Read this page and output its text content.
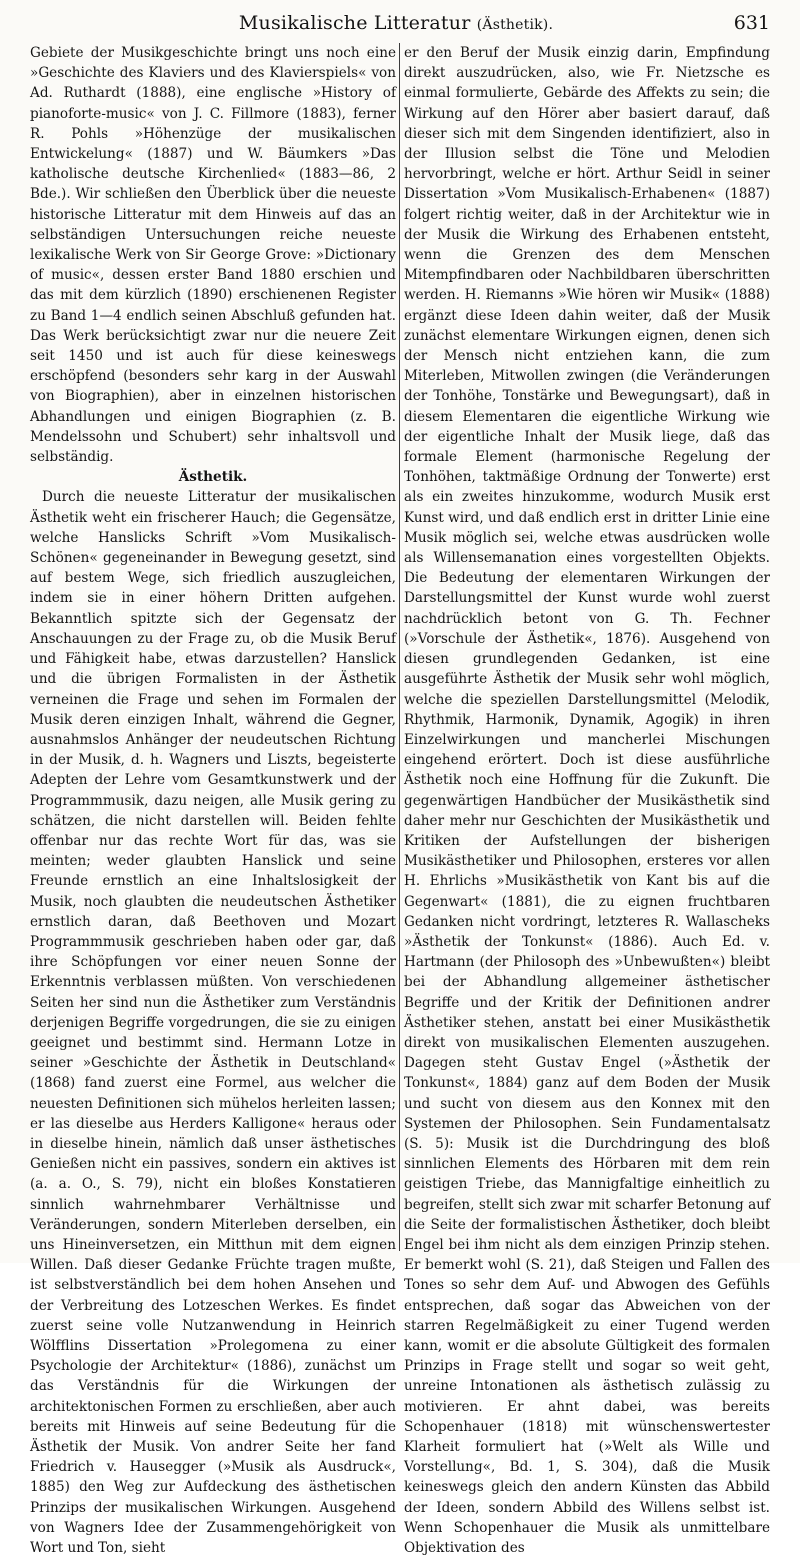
Musikalische Litteratur (Ästhetik).	631

Gebiete der Musikgeschichte bringt uns noch eine »Geschichte des Klaviers und des Klavierspiels« von Ad. Ruthardt (1888), eine englische »History of pianoforte-music« von J. C. Fillmore (1883), ferner R. Pohls »Höhenzüge der musikalischen Entwickelung« (1887) und W. Bäumkers »Das katholische deutsche Kirchenlied« (1883—86, 2 Bde.). Wir schließen den Überblick über die neueste historische Litteratur mit dem Hinweis auf das an selbständigen Untersuchungen reiche neueste lexikalische Werk von Sir George Grove: »Dictionary of music«, dessen erster Band 1880 erschien und das mit dem kürzlich (1890) erschienenen Register zu Band 1—4 endlich seinen Abschluß gefunden hat. Das Werk berücksichtigt zwar nur die neuere Zeit seit 1450 und ist auch für diese keineswegs erschöpfend (besonders sehr karg in der Auswahl von Biographien), aber in einzelnen historischen Abhandlungen und einigen Biographien (z. B. Mendelssohn und Schubert) sehr inhaltsvoll und selbständig.

Ästhetik.

Durch die neueste Litteratur der musikalischen Ästhetik weht ein frischerer Hauch; die Gegensätze, welche Hanslicks Schrift »Vom Musikalisch-Schönen« gegeneinander in Bewegung gesetzt, sind auf bestem Wege, sich friedlich auszugleichen, indem sie in einer höhern Dritten aufgehen. Bekanntlich spitzte sich der Gegensatz der Anschauungen zu der Frage zu, ob die Musik Beruf und Fähigkeit habe, etwas darzustellen? Hanslick und die übrigen Formalisten in der Ästhetik verneinen die Frage und sehen im Formalen der Musik deren einzigen Inhalt, während die Gegner, ausnahmslos Anhänger der neudeutschen Richtung in der Musik, d. h. Wagners und Liszts, begeisterte Adepten der Lehre vom Gesamtkunstwerk und der Programmmusik, dazu neigen, alle Musik gering zu schätzen, die nicht darstellen will. Beiden fehlte offenbar nur das rechte Wort für das, was sie meinten; weder glaubten Hanslick und seine Freunde ernstlich an eine Inhaltslosigkeit der Musik, noch glaubten die neudeutschen Ästhetiker ernstlich daran, daß Beethoven und Mozart Programmmusik geschrieben haben oder gar, daß ihre Schöpfungen vor einer neuen Sonne der Erkenntnis verblassen müßten. Von verschiedenen Seiten her sind nun die Ästhetiker zum Verständnis derjenigen Begriffe vorgedrungen, die sie zu einigen geeignet und bestimmt sind. Hermann Lotze in seiner »Geschichte der Ästhetik in Deutschland« (1868) fand zuerst eine Formel, aus welcher die neuesten Definitionen sich mühelos herleiten lassen; er las dieselbe aus Herders Kalligone« heraus oder in dieselbe hinein, nämlich daß unser ästhetisches Genießen nicht ein passives, sondern ein aktives ist (a. a. O., S. 79), nicht ein bloßes Konstatieren sinnlich wahrnehmbarer Verhältnisse und Veränderungen, sondern Miterleben derselben, ein uns Hineinversetzen, ein Mitthun mit dem eignen Willen. Daß dieser Gedanke Früchte tragen mußte, ist selbstverständlich bei dem hohen Ansehen und der Verbreitung des Lotzeschen Werkes. Es findet zuerst seine volle Nutzanwendung in Heinrich Wölfflins Dissertation »Prolegomena zu einer Psychologie der Architektur« (1886), zunächst um das Verständnis für die Wirkungen der architektonischen Formen zu erschließen, aber auch bereits mit Hinweis auf seine Bedeutung für die Ästhetik der Musik. Von andrer Seite her fand Friedrich v. Hausegger (»Musik als Ausdruck«, 1885) den Weg zur Aufdeckung des ästhetischen Prinzips der musikalischen Wirkungen. Ausgehend von Wagners Idee der Zusammengehörigkeit von Wort und Ton, sieht

er den Beruf der Musik einzig darin, Empfindung direkt auszudrücken, also, wie Fr. Nietzsche es einmal formulierte, Gebärde des Affekts zu sein; die Wirkung auf den Hörer aber basiert darauf, daß dieser sich mit dem Singenden identifiziert, also in der Illusion selbst die Töne und Melodien hervorbringt, welche er hört. Arthur Seidl in seiner Dissertation »Vom Musikalisch-Erhabenen« (1887) folgert richtig weiter, daß in der Architektur wie in der Musik die Wirkung des Erhabenen entsteht, wenn die Grenzen des dem Menschen Mitempfindbaren oder Nachbildbaren überschritten werden. H. Riemanns »Wie hören wir Musik« (1888) ergänzt diese Ideen dahin weiter, daß der Musik zunächst elementare Wirkungen eignen, denen sich der Mensch nicht entziehen kann, die zum Miterleben, Mitwollen zwingen (die Veränderungen der Tonhöhe, Tonstärke und Bewegungsart), daß in diesem Elementaren die eigentliche Wirkung wie der eigentliche Inhalt der Musik liege, daß das formale Element (harmonische Regelung der Tonhöhen, taktmäßige Ordnung der Tonwerte) erst als ein zweites hinzukomme, wodurch Musik erst Kunst wird, und daß endlich erst in dritter Linie eine Musik möglich sei, welche etwas ausdrücken wolle als Willensemanation eines vorgestellten Objekts. Die Bedeutung der elementaren Wirkungen der Darstellungsmittel der Kunst wurde wohl zuerst nachdrücklich betont von G. Th. Fechner (»Vorschule der Ästhetik«, 1876). Ausgehend von diesen grundlegenden Gedanken, ist eine ausgeführte Ästhetik der Musik sehr wohl möglich, welche die speziellen Darstellungsmittel (Melodik, Rhythmik, Harmonik, Dynamik, Agogik) in ihren Einzelwirkungen und mancherlei Mischungen eingehend erörtert. Doch ist diese ausführliche Ästhetik noch eine Hoffnung für die Zukunft. Die gegenwärtigen Handbücher der Musikästhetik sind daher mehr nur Geschichten der Musikästhetik und Kritiken der Aufstellungen der bisherigen Musikästhetiker und Philosophen, ersteres vor allen H. Ehrlichs »Musikästhetik von Kant bis auf die Gegenwart« (1881), die zu eignen fruchtbaren Gedanken nicht vordringt, letzteres R. Wallascheks »Ästhetik der Tonkunst« (1886). Auch Ed. v. Hartmann (der Philosoph des »Unbewußten«) bleibt bei der Abhandlung allgemeiner ästhetischer Begriffe und der Kritik der Definitionen andrer Ästhetiker stehen, anstatt bei einer Musikästhetik direkt von musikalischen Elementen auszugehen. Dagegen steht Gustav Engel (»Ästhetik der Tonkunst«, 1884) ganz auf dem Boden der Musik und sucht von diesem aus den Konnex mit den Systemen der Philosophen. Sein Fundamentalsatz (S. 5): Musik ist die Durchdringung des bloß sinnlichen Elements des Hörbaren mit dem rein geistigen Triebe, das Mannigfaltige einheitlich zu begreifen, stellt sich zwar mit scharfer Betonung auf die Seite der formalistischen Ästhetiker, doch bleibt Engel bei ihm nicht als dem einzigen Prinzip stehen. Er bemerkt wohl (S. 21), daß Steigen und Fallen des Tones so sehr dem Auf- und Abwogen des Gefühls entsprechen, daß sogar das Abweichen von der starren Regelmäßigkeit zu einer Tugend werden kann, womit er die absolute Gültigkeit des formalen Prinzips in Frage stellt und sogar so weit geht, unreine Intonationen als ästhetisch zulässig zu motivieren. Er ahnt dabei, was bereits Schopenhauer (1818) mit wünschenswertester Klarheit formuliert hat (»Welt als Wille und Vorstellung«, Bd. 1, S. 304), daß die Musik keineswegs gleich den andern Künsten das Abbild der Ideen, sondern Abbild des Willens selbst ist. Wenn Schopenhauer die Musik als unmittelbare Objektivation des
